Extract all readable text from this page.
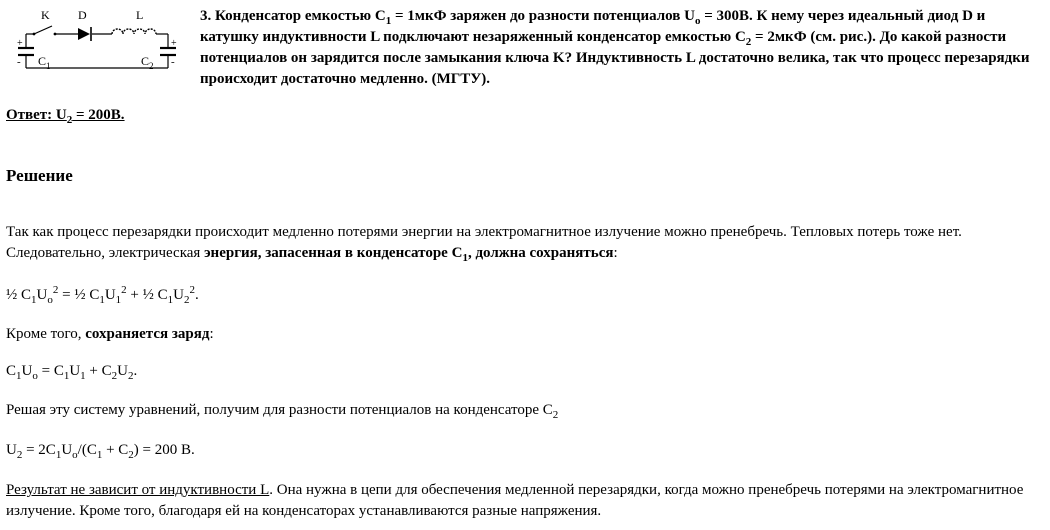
K D	L
+
-
+
-
$C_1$	$C_2$
3. Конденсатор емкостью $C_1 = 1мкФ$ заряжен до разности потенциалов $U_o = 300В$. К нему через идеальный диод D и катушку индуктивности L подключают незаряженный конденсатор емкостью $C_2 = 2мкФ$ (см. рис.). До какой разности потенциалов он зарядится после замыкания ключа K? Индуктивность L достаточно велика, так что процесс перезарядки происходит достаточно медленно. (МГТУ).
Ответ: $U_2 = 200В$.
Решение
Так как процесс перезарядки происходит медленно потерями энергии на электромагнитное излучение можно пренебречь. Тепловых потерь тоже нет. Следовательно, электрическая энергия, запасенная в конденсаторе $C_1$, должна сохраняться:
½ $C_1U_o^2$ = ½ $C_1U_1^2$ + ½ $C_1U_2^2$.
Кроме того, сохраняется заряд:
$C_1U_o = C_1U_1 + C_2U_2$.
Решая эту систему уравнений, получим для разности потенциалов на конденсаторе $C_2$
$U_2 = 2C_1U_o/(C_1 + C_2) = 200$ В.
Результат не зависит от индуктивности L. Она нужна в цепи для обеспечения медленной перезарядки, когда можно пренебречь потерями на электромагнитное излучение. Кроме того, благодаря ей на конденсаторах устанавливаются разные напряжения.
